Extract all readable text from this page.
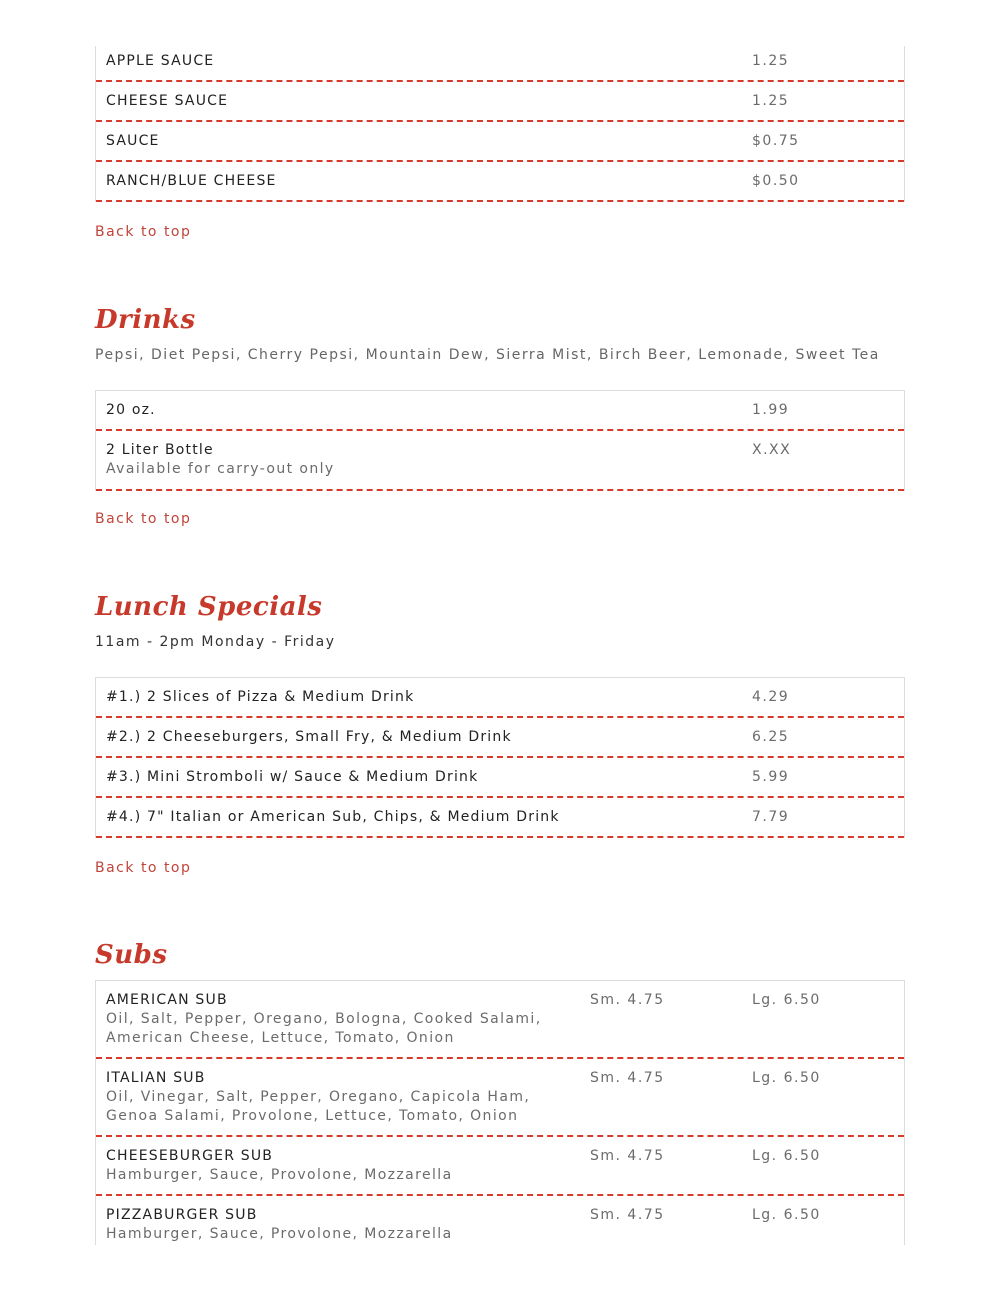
APPLE SAUCE	1.25
CHEESE SAUCE	1.25
SAUCE	$0.75
RANCH/BLUE CHEESE	$0.50
Back to top
Drinks
Pepsi, Diet Pepsi, Cherry Pepsi, Mountain Dew, Sierra Mist, Birch Beer, Lemonade, Sweet Tea
20 oz.	1.99
2 Liter Bottle
Available for carry-out only
X.XX
Back to top
Lunch Specials
11am - 2pm Monday - Friday
#1.) 2 Slices of Pizza & Medium Drink	4.29
#2.) 2 Cheeseburgers, Small Fry, & Medium Drink	6.25
#3.) Mini Stromboli w/ Sauce & Medium Drink	5.99
#4.) 7" Italian or American Sub, Chips, & Medium Drink	7.79
Back to top
Subs
AMERICAN SUB
Oil, Salt, Pepper, Oregano, Bologna, Cooked Salami, American Cheese, Lettuce, Tomato, Onion
Sm. 4.75	Lg. 6.50
ITALIAN SUB
Oil, Vinegar, Salt, Pepper, Oregano, Capicola Ham, Genoa Salami, Provolone, Lettuce, Tomato, Onion
Sm. 4.75	Lg. 6.50
CHEESEBURGER SUB
Hamburger, Sauce, Provolone, Mozzarella
Sm. 4.75	Lg. 6.50
PIZZABURGER SUB
Hamburger, Sauce, Provolone, Mozzarella
Sm. 4.75	Lg. 6.50
